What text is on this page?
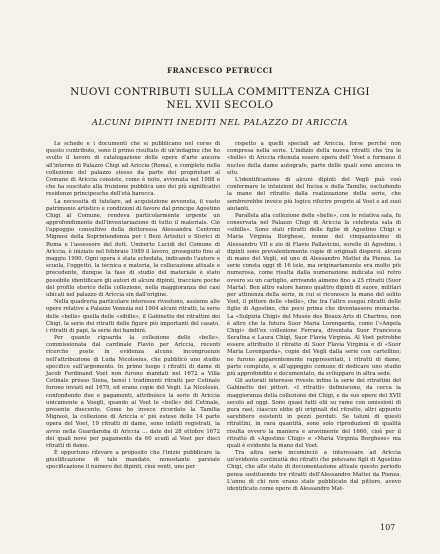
FRANCESCO PETRUCCI
NUOVI CONTRIBUTI SULLA COMMITTENZA CHIGI
NEL XVII SECOLO
ALCUNI DIPINTI INEDITI NEL PALAZZO DI ARICCIA

Le schede e i documenti che si pubblicano nel corso di questo contributo, sono il primo risultato di un'indagine che ho svolto il lavoro di catalogazione delle opere d'arte ancora all'interno di Palazzo Chigi ad Ariccia (Roma), e completo nella collezione del palazzo stesso da parte dei proprietari al Comune di Ariccia consiste, come è noto, avvenuta nel 1988 e che ha suscitato alla fruizione pubblica uno dei più significativi residenze principesche dell'età barocca.

La necessità di tutelare, ad acquisizione avvenuta, il vasto patrimonio artistico e condizioni di favore dal principe Agostino Chigi al Comune, rendeva particolarmente urgente un approfondimento dell'inventariazione di tutto il materiale. Ciò l'appoggio consultivo della dottoressa Alessandra Centroni Mignosi della Soprintendenza per i Beni Artistici e Storici di Roma e l'assessore del dott. Umberto Lucidi del Comune di Ariccia, è iniziato nel febbraio 1989 il lavoro, proseguito fino al maggio 1990. Ogni opera è stata schedata, indicando l'autore e scuola, l'oggetto, la tecnica e materia, la collocazione attuale e precedente, dunque la fase di studio del materiale è stato possibile identificare gli autori di alcuni dipinti, tracciare poche del profilo storico della collezione, nella maggioranza dei casi ubicati nel palazzo di Ariccia sin dall'origine.

Nella quadreria particolare interesse rivestono, assieme alle opere relative a Palazzo Venezia nel 1904 alcuni ritratti, la serie delle «belle» quella delle «sibille», il Gabinetto dei ritrattini dei Chigi, la serie dei ritratti delle figure più importanti del casato, i ritratti di papi, la serie dei bambini.

Per quanto riguarda la collezione delle «belle», commissionata dal cardinale Flavio per Ariccia, recenti ricerche poste in evidenza alcune incongruenze nell'attribuzione di Luda Nicolosius, che pubblicò uno studio specifico sull'argomento. In primo luogo i ritratti di dame di Jacob Ferdinand Voet non furono mandati nel 1672 a Villa Cetinale presso Siena, bensì i tradimenti ritratti per Cetinale furono inviati nel 1679, ed erano copie del Vegli. La Nicolosio, confondendo due e pagamenti, attribuisce la serie di Ariccia unicamente a Voegli, quando ai Voet le «belle» del Cetinale, presente duecento. Come ho invece ricordato la Tamilia Mignosi, la collezione di Ariccia e' più estese delle 14 parte opera del Voet, 19 ritratti di dame, sono infatti registrati, la avvio nella Guardaroba di Ariccia ... date del 28 ottobre 1672 dei quali nove per pagamento da 60 scudi al Voet per dieci ritratti di dame.

È opportuno rilevare a proposito che l'inizio pubblicare la giustificazione di tale mandato, nonostante parziale specificazione il numero dei dipinti, cioè venti, uno per

rispetto a quelli speciali ad Ariccia, forse perché non compresa nella serie. L'indizio della nuova ritratti che tra le «belle» di Ariccia ritenuta essere opera dell' Voet e formano il nucleo della dame autografe, parte delle quali sono ancora in situ.

L'identificazione di alcuni dipinti del Vegli può così confermare le intuizioni del Incisa e della Tamilio, escludendo la mano del ritratto dalla realizzazione della serie, che sembrerebbe invece più logico riferire proprio al Voet e ad suoi aiutanti.

Parallela alla collezione delle «belle», con le relativa sala, fu conservata nel Palazzo Chigi di Ariccia la celebrata sala di «sibille». Sono stati ritratti delle figlie di Agostino Chigi e Maria Virginia Borghese, nonne del cinquantesimo di Alessandro VII e zio di Flavio Pallavicini, sorelle di Agostino, i dipinti sono prevalentemente copie di originali dispersi, alcuni di mano del Vegli, ed uno di Alessandro Mattei da Pienza. La serie consta oggi di 16 tele, ma originariamente era molto più numerosa, come risulta dalla numerazione indicata sul retro ovvero su un cartiglio, arrivando almeno fino a 25 ritratti (Suor Marta). Ben altro valore hanno quattro dipinti di suore, militari per attinenza della serie, in cui si riconosce la mano del solito Voet, il pittore delle «belle», che tra l'altro eseguì ritratti delle figlie di Agostino, che poco prima che diventassero monache. La «Sulpizia Chigi» del Musée des Beaux-Arts di Chartres, non è altro che la futura Suor Maria Lorengarda, come l'«Angela Chigi» dell'ex collezione Ferrara, diventata Suor Francesca Serafina e Laura Chigi, Suor Flavia Virginia. Al Voet potrebbe essere attribuito il ritratto di Suor Flavia Virginia e di «Suor Maria Lorengarda», copie del Vegli dalla serie con cartellino; ne furono apparentemente rappresentati, i ritratti di dame, parte compiute, e all'appoggio comune di dedicare uno studio più approfondito e documentato, da sviluppare in altra sede.

Gli autorali interesse riveste infine la serie dei ritrattini del Gabinetto dei pittori. «I ritratti» definiscono, da cerca la maggioranza della collezione dei Chigi, e da sue opere del XVII secolo ad oggi. Sono quasi tutti olii su rame con omissioni di pura rasi, ciascun ebbe gli originali del ritratto, altri appunto sarebbero esistenti in pezzi perduti. Se taluni di questi ritrattini, in rara quantità, sono solo riproduzioni di qualità risulta ovvero la maniera e aravimente del 1660, cioè per il ritratto di «Agostino Chigi» e «Maria Virginia Borghese» ma quali è evidente la mano del Voet.

Tra altra serie incominciò a interessare ad Ariccia un'evidente continuità dei ritratti che potevano figli di Agostino Chigi, che allo stato di documentazione attuale questo periodo pensa sostituendo tre ritratti dell'Alessandro Mattei da Pienza. L'anno di chi non erano state pubblicato dal pittore, avevo identificato come opere di Alessandro Mat-

107
